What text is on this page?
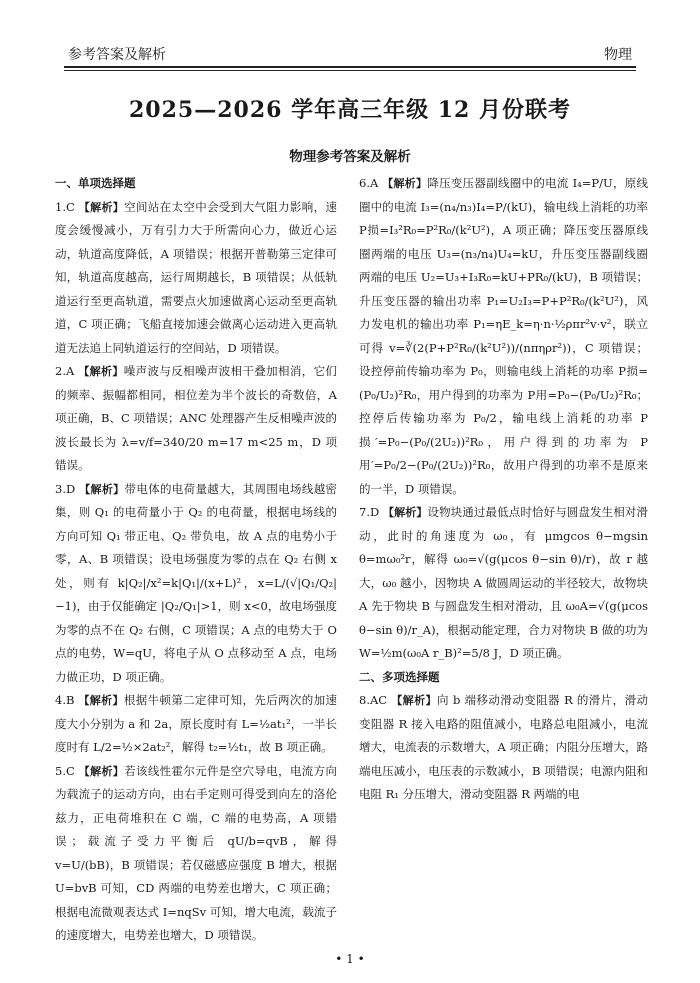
参考答案及解析	物理
2025—2026 学年高三年级 12 月份联考
物理参考答案及解析
一、单项选择题

1.C 【解析】空间站在太空中会受到大气阻力影响，速度会缓慢减小，万有引力大于所需向心力，做近心运动，轨道高度降低，A 项错误；根据开普勒第三定律可知，轨道高度越高，运行周期越长，B 项错误；从低轨道运行至更高轨道，需要点火加速做离心运动至更高轨道，C 项正确；飞船直接加速会做离心运动进入更高轨道无法追上同轨道运行的空间站，D 项错误。

2.A 【解析】噪声波与反相噪声波相干叠加相消，它们的频率、振幅都相同，相位差为半个波长的奇数倍，A 项正确，B、C 项错误；ANC 处理器产生反相噪声波的波长最长为 λ=v/f=340/20 m=17 m<25 m，D 项错误。

3.D 【解析】带电体的电荷量越大，其周围电场线越密集，则 Q₁ 的电荷量小于 Q₂ 的电荷量，根据电场线的方向可知 Q₁ 带正电、Q₂ 带负电，故 A 点的电势小于零，A、B 项错误；设电场强度为零的点在 Q₂ 右侧 x 处，则有 k|Q₂|/x²=k|Q₁|/(x+L)²，x=L/(√|Q₁/Q₂|−1)，由于仅能确定 |Q₂/Q₁|>1，则 x<0，故电场强度为零的点不在 Q₂ 右侧，C 项错误；A 点的电势大于 O 点的电势，W=qU，将电子从 O 点移动至 A 点，电场力做正功，D 项正确。

4.B 【解析】根据牛顿第二定律可知，先后两次的加速度大小分别为 a 和 2a，原长度时有 L=½at₁²，一半长度时有 L/2=½×2at₂²，解得 t₂=½t₁，故 B 项正确。

5.C 【解析】若该线性霍尔元件是空穴导电，电流方向为载流子的运动方向，由右手定则可得受到向左的洛伦兹力，正电荷堆积在 C 端，C 端的电势高，A 项错误；载流子受力平衡后 qU/b=qvB，解得 v=U/(bB)，B 项错误；若仅磁感应强度 B 增大，根据 U=bvB 可知，CD 两端的电势差也增大，C 项正确；根据电流微观表达式 I=nqSv 可知，增大电流，载流子的速度增大，电势差也增大，D 项错误。

6.A 【解析】降压变压器副线圈中的电流 I₄=P/U，原线圈中的电流 I₃=(n₄/n₃)I₄=P/(kU)，输电线上消耗的功率 P损=I₃²R₀=P²R₀/(k²U²)，A 项正确；降压变压器原线圈两端的电压 U₃=(n₃/n₄)U₄=kU，升压变压器副线圈两端的电压 U₂=U₃+I₃R₀=kU+PR₀/(kU)，B 项错误；升压变压器的输出功率 P₁=U₂I₃=P+P²R₀/(k²U²)，风力发电机的输出功率 P₁=ηE_k=η·n·½ρπr²v·v²，联立可得 v=∛(2(P+P²R₀/(k²U²))/(nπηρr²))，C 项错误；设控停前传输功率为 P₀，则输电线上消耗的功率 P损=(P₀/U₂)²R₀，用户得到的功率为 P用=P₀−(P₀/U₂)²R₀；控停后传输功率为 P₀/2，输电线上消耗的功率 P损′=P₀−(P₀/(2U₂))²R₀，用户得到的功率为 P用′=P₀/2−(P₀/(2U₂))²R₀，故用户得到的功率不是原来的一半，D 项错误。

7.D 【解析】设物块通过最低点时恰好与圆盘发生相对滑动，此时的角速度为 ω₀，有 μmgcos θ−mgsin θ=mω₀²r，解得 ω₀=√(g(μcos θ−sin θ)/r)，故 r 越大，ω₀ 越小，因物块 A 做圆周运动的半径较大，故物块 A 先于物块 B 与圆盘发生相对滑动，且 ω₀A=√(g(μcos θ−sin θ)/r_A)，根据动能定理，合力对物块 B 做的功为 W=½m(ω₀A r_B)²=5/8 J，D 项正确。

二、多项选择题

8.AC 【解析】向 b 端移动滑动变阻器 R 的滑片，滑动变阻器 R 接入电路的阻值减小，电路总电阻减小，电流增大，电流表的示数增大，A 项正确；内阻分压增大，路端电压减小，电压表的示数减小，B 项错误；电源内阻和电阻 R₁ 分压增大，滑动变阻器 R 两端的电

• 1 •
